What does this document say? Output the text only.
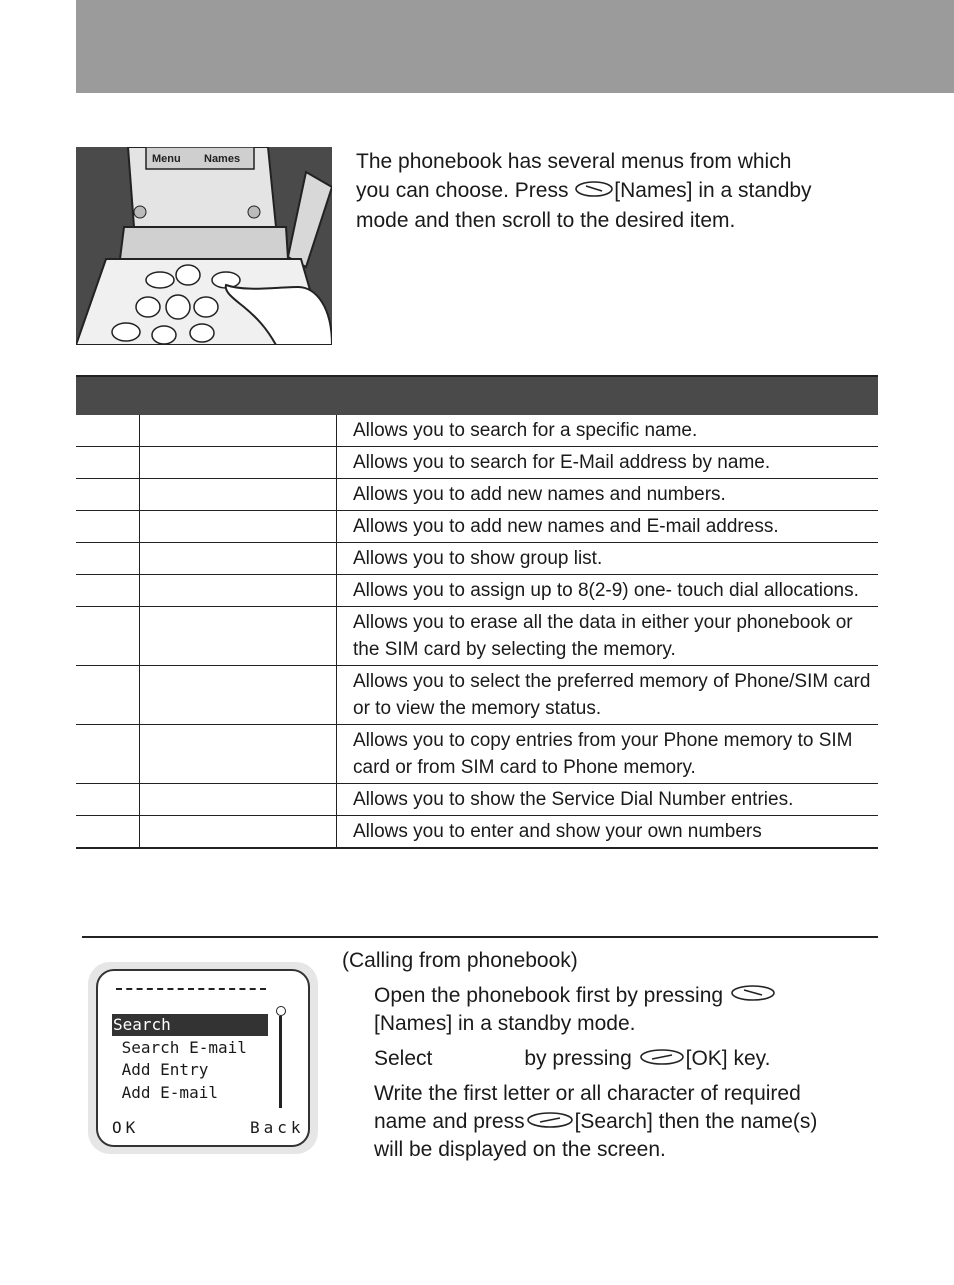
Menu Names	The phonebook has several menus from which
you can choose. Press [Names] in a standby
mode and then scroll to the desired item.

		Allows you to search for a specific name.
		Allows you to search for E-Mail address by name.
		Allows you to add new names and numbers.
		Allows you to add new names and E-mail address.
		Allows you to show group list.
		Allows you to assign up to 8(2-9) one- touch dial allocations.
		Allows you to erase all the data in either your phonebook or the SIM card by selecting the memory.
		Allows you to select the preferred memory of Phone/SIM card or to view the memory status.
		Allows you to copy entries from your Phone memory to SIM card or from SIM card to Phone memory.
		Allows you to show the Service Dial Number entries.
		Allows you to enter and show your own numbers
Search
Search E-mail
Add Entry
Add E-mail
OK	Back
(Calling from phonebook)
Open the phonebook first by pressing
[Names] in a standby mode.
Select	by pressing	[OK] key.
Write the first letter or all character of required
name and press [Search] then the name(s)
will be displayed on the screen.
